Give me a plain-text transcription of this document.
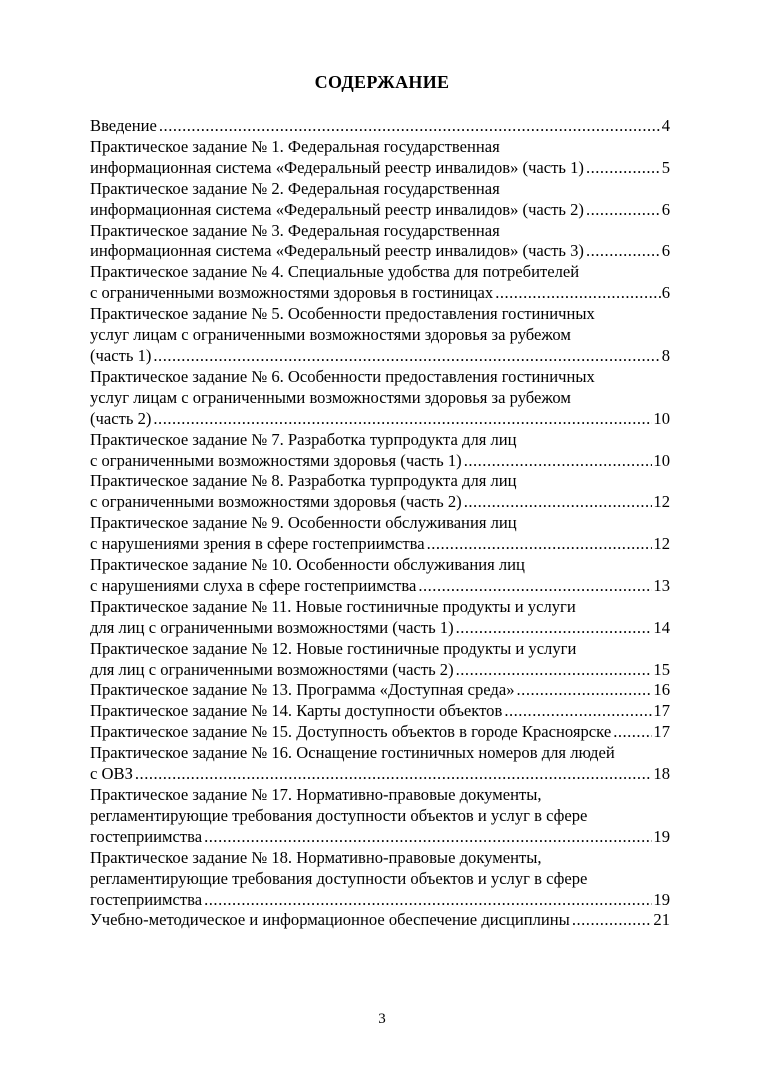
СОДЕРЖАНИЕ
Введение .....	4
Практическое задание № 1. Федеральная государственная
информационная система «Федеральный реестр инвалидов» (часть 1) .....	5
Практическое задание № 2. Федеральная государственная
информационная система «Федеральный реестр инвалидов» (часть 2) .....	6
Практическое задание № 3. Федеральная государственная
информационная система «Федеральный реестр инвалидов» (часть 3) .....	6
Практическое задание № 4. Специальные удобства для потребителей
с ограниченными возможностями здоровья в гостиницах .....	6
Практическое задание № 5. Особенности предоставления гостиничных
услуг лицам с ограниченными возможностями здоровья за рубежом
(часть 1) .....	8
Практическое задание № 6. Особенности предоставления гостиничных
услуг лицам с ограниченными возможностями здоровья за рубежом
(часть 2) .....	10
Практическое задание № 7. Разработка турпродукта для лиц
с ограниченными возможностями здоровья (часть 1) .....	10
Практическое задание № 8. Разработка турпродукта для лиц
с ограниченными возможностями здоровья (часть 2) .....	12
Практическое задание № 9. Особенности обслуживания лиц
с нарушениями зрения в сфере гостеприимства .....	12
Практическое задание № 10. Особенности обслуживания лиц
с нарушениями слуха в сфере гостеприимства .....	13
Практическое задание № 11. Новые гостиничные продукты и услуги
для лиц с ограниченными возможностями (часть 1) .....	14
Практическое задание № 12. Новые гостиничные продукты и услуги
для лиц с ограниченными возможностями (часть 2) .....	15
Практическое задание № 13. Программа «Доступная среда» .....	16
Практическое задание № 14. Карты доступности объектов .....	17
Практическое задание № 15. Доступность объектов в городе Красноярске .....	17
Практическое задание № 16. Оснащение гостиничных номеров для людей
с ОВЗ .....	18
Практическое задание № 17. Нормативно-правовые документы,
регламентирующие требования доступности объектов и услуг в сфере
гостеприимства .....	19
Практическое задание № 18. Нормативно-правовые документы,
регламентирующие требования доступности объектов и услуг в сфере
гостеприимства .....	19
Учебно-методическое и информационное обеспечение дисциплины .....	21
3
